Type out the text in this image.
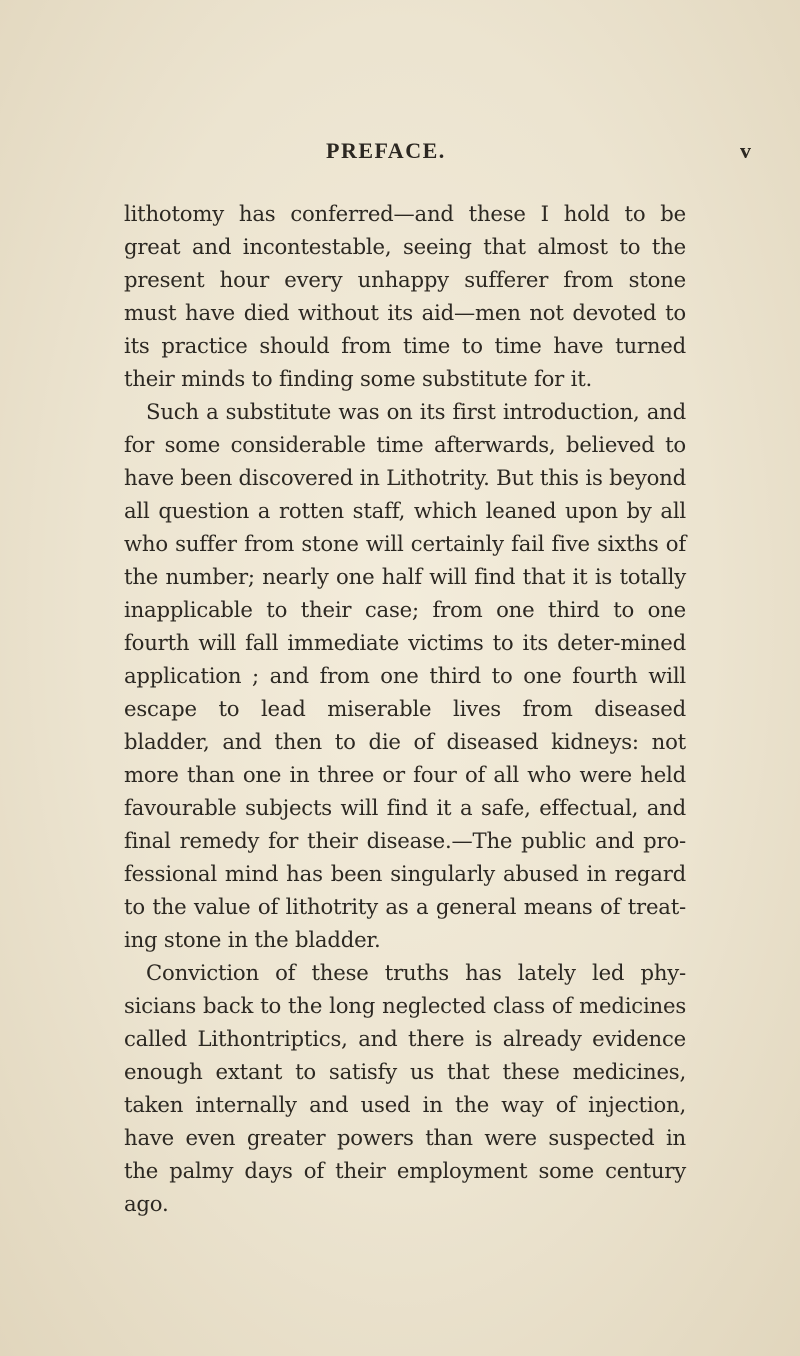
PREFACE.	v

lithotomy has conferred—and these I hold to be great and incontestable, seeing that almost to the present hour every unhappy sufferer from stone must have died without its aid—men not devoted to its practice should from time to time have turned their minds to finding some substitute for it.

Such a substitute was on its first introduction, and for some considerable time afterwards, believed to have been discovered in Lithotrity. But this is beyond all question a rotten staff, which leaned upon by all who suffer from stone will certainly fail five sixths of the number; nearly one half will find that it is totally inapplicable to their case; from one third to one fourth will fall immediate victims to its deter-mined application ; and from one third to one fourth will escape to lead miserable lives from diseased bladder, and then to die of diseased kidneys: not more than one in three or four of all who were held favourable subjects will find it a safe, effectual, and final remedy for their disease.—The public and pro-fessional mind has been singularly abused in regard to the value of lithotrity as a general means of treat-ing stone in the bladder.

Conviction of these truths has lately led phy-sicians back to the long neglected class of medicines called Lithontriptics, and there is already evidence enough extant to satisfy us that these medicines, taken internally and used in the way of injection, have even greater powers than were suspected in the palmy days of their employment some century ago.
